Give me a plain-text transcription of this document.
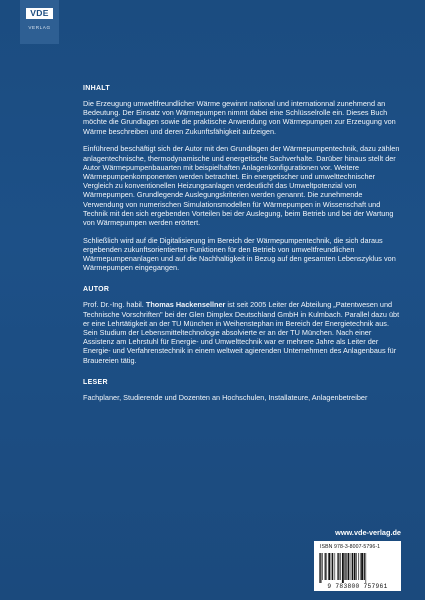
VDE
VERLAG
INHALT
Die Erzeugung umweltfreundlicher Wärme gewinnt national und internationnal zunehmend an Bedeutung. Der Einsatz von Wärmepumpen nimmt dabei eine Schlüsselrolle ein. Dieses Buch möchte die Grundlagen sowie die praktische Anwendung von Wärmepumpen zur Erzeugung von Wärme beschreiben und deren Zukunftsfähigkeit aufzeigen.
Einführend beschäftigt sich der Autor mit den Grundlagen der Wärmepumpentechnik, dazu zählen anlagentechnische, thermodynamische und energetische Sachverhalte. Darüber hinaus stellt der Autor Wärmepumpenbauarten mit beispielhaften Anlagenkonfigurationen vor. Weitere Wärmepumpenkomponenten werden betrachtet. Ein energetischer und umwelttechnischer Vergleich zu konventionellen Heizungsanlagen verdeutlicht das Umweltpotenzial von Wärmepumpen. Grundlegende Auslegungskriterien werden genannt. Die zunehmende Verwendung von numerischen Simulationsmodellen für Wärmepumpen in Wissenschaft und Technik mit den sich ergebenden Vorteilen bei der Auslegung, beim Betrieb und bei der Wartung von Wärmepumpen werden erörtert.
Schließlich wird auf die Digitalisierung im Bereich der Wärmepumpentechnik, die sich daraus ergebenden zukunftsorientierten Funktionen für den Betrieb von umweltfreundlichen Wärmepumpenanlagen und auf die Nachhaltigkeit in Bezug auf den gesamten Lebenszyklus von Wärmepumpen eingegangen.
AUTOR
Prof. Dr.-Ing. habil. Thomas Hackensellner ist seit 2005 Leiter der Abteilung „Patentwesen und Technische Vorschriften" bei der Glen Dimplex Deutschland GmbH in Kulmbach. Parallel dazu übt er eine Lehrtätigkeit an der TU München in Weihenstephan im Bereich der Energietechnik aus. Sein Studium der Lebensmitteltechnologie absolvierte er an der TU München. Nach einer Assistenz am Lehrstuhl für Energie- und Umwelttechnik war er mehrere Jahre als Leiter der Energie- und Verfahrenstechnik in einem weltweit agierenden Unternehmen des Anlagenbaus für Brauereien tätig.
LESER
Fachplaner, Studierende und Dozenten an Hochschulen, Installateure, Anlagenbetreiber
www.vde-verlag.de
ISBN 978-3-8007-5796-1
9 783800 757961
